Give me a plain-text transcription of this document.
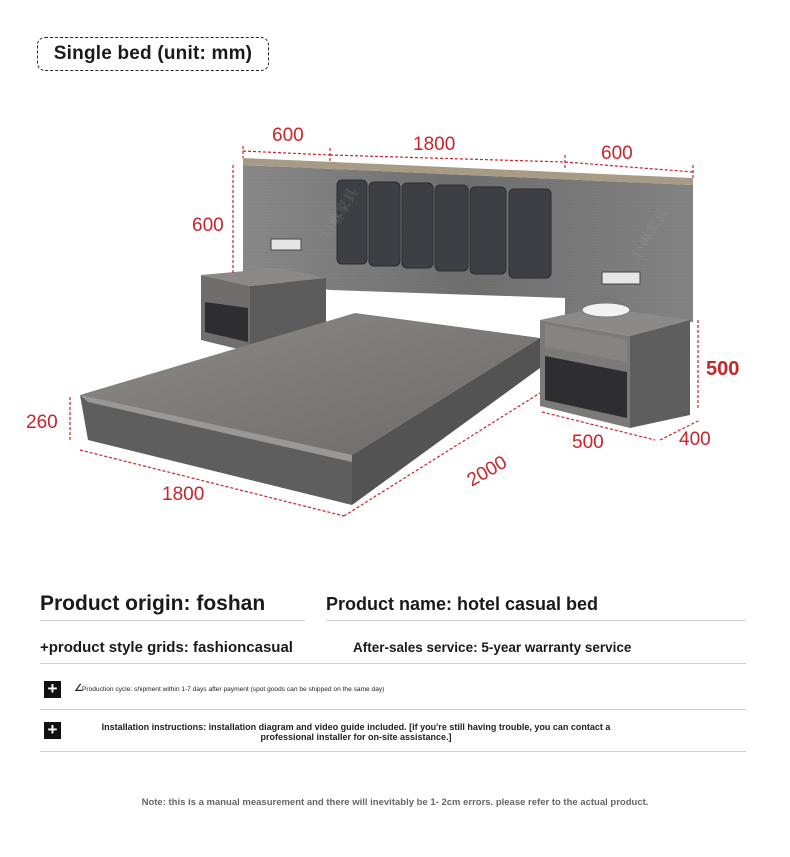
Single bed (unit: mm)
科琳家具	科琳家具
600	1800	600
600
260
500
500	400
2000
1800
Product origin: foshan	Product name: hotel casual bed
+product style grids: fashioncasual	After-sales service: 5-year warranty service
+	∠ Production cycle: shipment within 1-7 days after payment (spot goods can be shipped on the same day)
+	Installation instructions: installation diagram and video guide included. [if you're still having trouble, you can contact a
professional installer for on-site assistance.]
Note: this is a manual measurement and there will inevitably be 1- 2cm errors. please refer to the actual product.
